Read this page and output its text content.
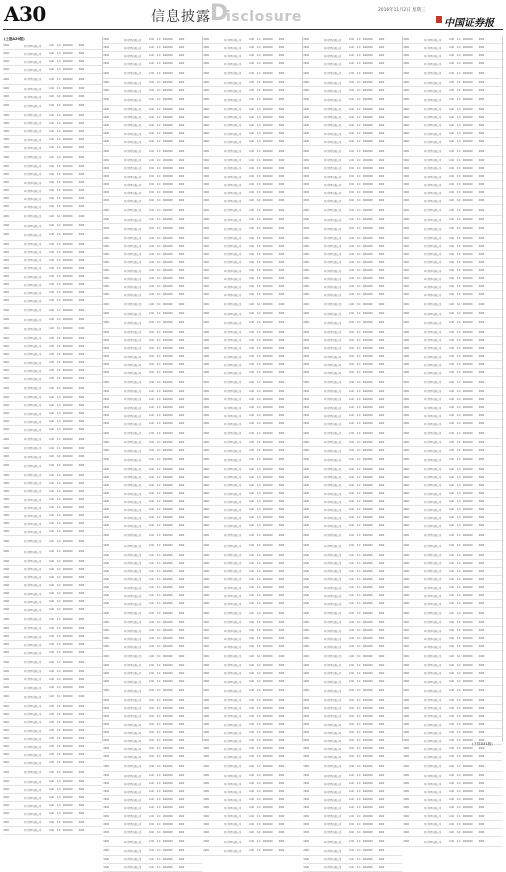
A30	信息披露 D
isclosure	2016年11月2日 星期三
中国证券报
(上接A29版)
0000	基金管理有限公司	0.00	0.0	0000000	0000
0000	基金管理有限公司	0.00	0.0	0000000	0000
0000	基金管理有限公司	0.00	0.0	0000000	0000
0000	基金管理有限公司	0.00	0.0	0000000	0000
0000	基金管理有限公司	0.00	0.0	0000000	0000
0000	基金管理有限公司	0.00	0.0	0000000	0000
0000	基金管理有限公司	0.00	0.0	0000000	0000
0000	基金管理有限公司	0.00	0.0	0000000	0000
0000	基金管理有限公司	0.00	0.0	0000000	0000
0000	基金管理有限公司	0.00	0.0	0000000	0000
0000	基金管理有限公司	0.00	0.0	0000000	0000
0000	基金管理有限公司	0.00	0.0	0000000	0000
0000	基金管理有限公司	0.00	0.0	0000000	0000
0000	基金管理有限公司	0.00	0.0	0000000	0000
0000	基金管理有限公司	0.00	0.0	0000000	0000
0000	基金管理有限公司	0.00	0.0	0000000	0000
0000	基金管理有限公司	0.00	0.0	0000000	0000
0000	基金管理有限公司	0.00	0.0	0000000	0000
0000	基金管理有限公司	0.00	0.0	0000000	0000
0000	基金管理有限公司	0.00	0.0	0000000	0000
0000	基金管理有限公司	0.00	0.0	0000000	0000
0000	基金管理有限公司	0.00	0.0	0000000	0000
0000	基金管理有限公司	0.00	0.0	0000000	0000
0000	基金管理有限公司	0.00	0.0	0000000	0000
0000	基金管理有限公司	0.00	0.0	0000000	0000
0000	基金管理有限公司	0.00	0.0	0000000	0000
0000	基金管理有限公司	0.00	0.0	0000000	0000
0000	基金管理有限公司	0.00	0.0	0000000	0000
0000	基金管理有限公司	0.00	0.0	0000000	0000
0000	基金管理有限公司	0.00	0.0	0000000	0000
0000	基金管理有限公司	0.00	0.0	0000000	0000
0000	基金管理有限公司	0.00	0.0	0000000	0000
0000	基金管理有限公司	0.00	0.0	0000000	0000
0000	基金管理有限公司	0.00	0.0	0000000	0000
0000	基金管理有限公司	0.00	0.0	0000000	0000
0000	基金管理有限公司	0.00	0.0	0000000	0000
0000	基金管理有限公司	0.00	0.0	0000000	0000
0000	基金管理有限公司	0.00	0.0	0000000	0000
0000	基金管理有限公司	0.00	0.0	0000000	0000
0000	基金管理有限公司	0.00	0.0	0000000	0000
0000	基金管理有限公司	0.00	0.0	0000000	0000
0000	基金管理有限公司	0.00	0.0	0000000	0000
0000	基金管理有限公司	0.00	0.0	0000000	0000
0000	基金管理有限公司	0.00	0.0	0000000	0000
0000	基金管理有限公司	0.00	0.0	0000000	0000
0000	基金管理有限公司	0.00	0.0	0000000	0000
0000	基金管理有限公司	0.00	0.0	0000000	0000
0000	基金管理有限公司	0.00	0.0	0000000	0000
0000	基金管理有限公司	0.00	0.0	0000000	0000
0000	基金管理有限公司	0.00	0.0	0000000	0000
0000	基金管理有限公司	0.00	0.0	0000000	0000
0000	基金管理有限公司	0.00	0.0	0000000	0000
0000	基金管理有限公司	0.00	0.0	0000000	0000
0000	基金管理有限公司	0.00	0.0	0000000	0000
0000	基金管理有限公司	0.00	0.0	0000000	0000
0000	基金管理有限公司	0.00	0.0	0000000	0000
0000	基金管理有限公司	0.00	0.0	0000000	0000
0000	基金管理有限公司	0.00	0.0	0000000	0000
0000	基金管理有限公司	0.00	0.0	0000000	0000
0000	基金管理有限公司	0.00	0.0	0000000	0000
0000	基金管理有限公司	0.00	0.0	0000000	0000
0000	基金管理有限公司	0.00	0.0	0000000	0000
0000	基金管理有限公司	0.00	0.0	0000000	0000
0000	基金管理有限公司	0.00	0.0	0000000	0000
0000	基金管理有限公司	0.00	0.0	0000000	0000
0000	基金管理有限公司	0.00	0.0	0000000	0000
0000	基金管理有限公司	0.00	0.0	0000000	0000
0000	基金管理有限公司	0.00	0.0	0000000	0000
0000	基金管理有限公司	0.00	0.0	0000000	0000
0000	基金管理有限公司	0.00	0.0	0000000	0000
0000	基金管理有限公司	0.00	0.0	0000000	0000
0000	基金管理有限公司	0.00	0.0	0000000	0000
0000	基金管理有限公司	0.00	0.0	0000000	0000
0000	基金管理有限公司	0.00	0.0	0000000	0000
0000	基金管理有限公司	0.00	0.0	0000000	0000
0000	基金管理有限公司	0.00	0.0	0000000	0000
0000	基金管理有限公司	0.00	0.0	0000000	0000
0000	基金管理有限公司	0.00	0.0	0000000	0000
0000	基金管理有限公司	0.00	0.0	0000000	0000
0000	基金管理有限公司	0.00	0.0	0000000	0000
0000	基金管理有限公司	0.00	0.0	0000000	0000
0000	基金管理有限公司	0.00	0.0	0000000	0000
0000	基金管理有限公司	0.00	0.0	0000000	0000
0000	基金管理有限公司	0.00	0.0	0000000	0000
0000	基金管理有限公司	0.00	0.0	0000000	0000
0000	基金管理有限公司	0.00	0.0	0000000	0000
0000	基金管理有限公司	0.00	0.0	0000000	0000
0000	基金管理有限公司	0.00	0.0	0000000	0000
0000	基金管理有限公司	0.00	0.0	0000000	0000
0000	基金管理有限公司	0.00	0.0	0000000	0000
0000	基金管理有限公司	0.00	0.0	0000000	0000
0000	基金管理有限公司	0.00	0.0	0000000	0000
0000	基金管理有限公司	0.00	0.0	0000000	0000
0000	基金管理有限公司	0.00	0.0	0000000	0000
0000	基金管理有限公司	0.00	0.0	0000000	0000
0000	基金管理有限公司	0.00	0.0	0000000	0000
0000	基金管理有限公司	0.00	0.0	0000000	0000
0000	基金管理有限公司	0.00	0.0	0000000	0000
0000	基金管理有限公司	0.00	0.0	0000000	0000
0000	基金管理有限公司	0.00	0.0	0000000	0000
0000	基金管理有限公司	0.00	0.0	0000000	0000
0000	基金管理有限公司	0.00	0.0	0000000	0000
0000	基金管理有限公司	0.00	0.0	0000000	0000
0000	基金管理有限公司	0.00	0.0	0000000	0000
0000	基金管理有限公司	0.00	0.0	0000000	0000
0000	基金管理有限公司	0.00	0.0	0000000	0000
0000	基金管理有限公司	0.00	0.0	0000000	0000
0000	基金管理有限公司	0.00	0.0	0000000	0000
0000	基金管理有限公司	0.00	0.0	0000000	0000
0000	基金管理有限公司	0.00	0.0	0000000	0000
0000	基金管理有限公司	0.00	0.0	0000000	0000
0000	基金管理有限公司	0.00	0.0	0000000	0000
0000	基金管理有限公司	0.00	0.0	0000000	0000
0000	基金管理有限公司	0.00	0.0	0000000	0000
0000	基金管理有限公司	0.00	0.0	0000000	0000
0000	基金管理有限公司	0.00	0.0	0000000	0000
0000	基金管理有限公司	0.00	0.0	0000000	0000
0000	基金管理有限公司	0.00	0.0	0000000	0000
0000	基金管理有限公司	0.00	0.0	0000000	0000
0000	基金管理有限公司	0.00	0.0	0000000	0000
0000	基金管理有限公司	0.00	0.0	0000000	0000
0000	基金管理有限公司	0.00	0.0	0000000	0000
0000	基金管理有限公司	0.00	0.0	0000000	0000
0000	基金管理有限公司	0.00	0.0	0000000	0000
0000	基金管理有限公司	0.00	0.0	0000000	0000
0000	基金管理有限公司	0.00	0.0	0000000	0000
0000	基金管理有限公司	0.00	0.0	0000000	0000
0000	基金管理有限公司	0.00	0.0	0000000	0000
0000	基金管理有限公司	0.00	0.0	0000000	0000
0000	基金管理有限公司	0.00	0.0	0000000	0000
0000	基金管理有限公司	0.00	0.0	0000000	0000
0000	基金管理有限公司	0.00	0.0	0000000	0000
0000	基金管理有限公司	0.00	0.0	0000000	0000
0000	基金管理有限公司	0.00	0.0	0000000	0000
0000	基金管理有限公司	0.00	0.0	0000000	0000
0000	基金管理有限公司	0.00	0.0	0000000	0000
0000	基金管理有限公司	0.00	0.0	0000000	0000
0000	基金管理有限公司	0.00	0.0	0000000	0000
0000	基金管理有限公司	0.00	0.0	0000000	0000
0000	基金管理有限公司	0.00	0.0	0000000	0000
0000	基金管理有限公司	0.00	0.0	0000000	0000
0000	基金管理有限公司	0.00	0.0	0000000	0000
0000	基金管理有限公司	0.00	0.0	0000000	0000
0000	基金管理有限公司	0.00	0.0	0000000	0000
0000	基金管理有限公司	0.00	0.0	0000000	0000
0000	基金管理有限公司	0.00	0.0	0000000	0000
0000	基金管理有限公司	0.00	0.0	0000000	0000
0000	基金管理有限公司	0.00	0.0	0000000	0000
0000	基金管理有限公司	0.00	0.0	0000000	0000
0000	基金管理有限公司	0.00	0.0	0000000	0000
0000	基金管理有限公司	0.00	0.0	0000000	0000
0000	基金管理有限公司	0.00	0.0	0000000	0000
0000	基金管理有限公司	0.00	0.0	0000000	0000
0000	基金管理有限公司	0.00	0.0	0000000	0000
0000	基金管理有限公司	0.00	0.0	0000000	0000
0000	基金管理有限公司	0.00	0.0	0000000	0000
0000	基金管理有限公司	0.00	0.0	0000000	0000
0000	基金管理有限公司	0.00	0.0	0000000	0000
0000	基金管理有限公司	0.00	0.0	0000000	0000
0000	基金管理有限公司	0.00	0.0	0000000	0000
0000	基金管理有限公司	0.00	0.0	0000000	0000
0000	基金管理有限公司	0.00	0.0	0000000	0000
0000	基金管理有限公司	0.00	0.0	0000000	0000
0000	基金管理有限公司	0.00	0.0	0000000	0000
0000	基金管理有限公司	0.00	0.0	0000000	0000
0000	基金管理有限公司	0.00	0.0	0000000	0000
0000	基金管理有限公司	0.00	0.0	0000000	0000
0000	基金管理有限公司	0.00	0.0	0000000	0000
0000	基金管理有限公司	0.00	0.0	0000000	0000
0000	基金管理有限公司	0.00	0.0	0000000	0000
0000	基金管理有限公司	0.00	0.0	0000000	0000
0000	基金管理有限公司	0.00	0.0	0000000	0000
0000	基金管理有限公司	0.00	0.0	0000000	0000
0000	基金管理有限公司	0.00	0.0	0000000	0000
0000	基金管理有限公司	0.00	0.0	0000000	0000
0000	基金管理有限公司	0.00	0.0	0000000	0000
0000	基金管理有限公司	0.00	0.0	0000000	0000
0000	基金管理有限公司	0.00	0.0	0000000	0000
0000	基金管理有限公司	0.00	0.0	0000000	0000
0000	基金管理有限公司	0.00	0.0	0000000	0000
0000	基金管理有限公司	0.00	0.0	0000000	0000
0000	基金管理有限公司	0.00	0.0	0000000	0000
0000	基金管理有限公司	0.00	0.0	0000000	0000
0000	基金管理有限公司	0.00	0.0	0000000	0000
0000	基金管理有限公司	0.00	0.0	0000000	0000
0000	基金管理有限公司	0.00	0.0	0000000	0000
0000	基金管理有限公司	0.00	0.0	0000000	0000
0000	基金管理有限公司	0.00	0.0	0000000	0000
0000	基金管理有限公司	0.00	0.0	0000000	0000
0000	基金管理有限公司	0.00	0.0	0000000	0000
0000	基金管理有限公司	0.00	0.0	0000000	0000
0000	基金管理有限公司	0.00	0.0	0000000	0000
0000	基金管理有限公司	0.00	0.0	0000000	0000
0000	基金管理有限公司	0.00	0.0	0000000	0000
0000	基金管理有限公司	0.00	0.0	0000000	0000
0000	基金管理有限公司	0.00	0.0	0000000	0000
0000	基金管理有限公司	0.00	0.0	0000000	0000
0000	基金管理有限公司	0.00	0.0	0000000	0000
0000	基金管理有限公司	0.00	0.0	0000000	0000
0000	基金管理有限公司	0.00	0.0	0000000	0000
0000	基金管理有限公司	0.00	0.0	0000000	0000
0000	基金管理有限公司	0.00	0.0	0000000	0000
0000	基金管理有限公司	0.00	0.0	0000000	0000
0000	基金管理有限公司	0.00	0.0	0000000	0000
0000	基金管理有限公司	0.00	0.0	0000000	0000
0000	基金管理有限公司	0.00	0.0	0000000	0000
0000	基金管理有限公司	0.00	0.0	0000000	0000
0000	基金管理有限公司	0.00	0.0	0000000	0000
0000	基金管理有限公司	0.00	0.0	0000000	0000
0000	基金管理有限公司	0.00	0.0	0000000	0000
0000	基金管理有限公司	0.00	0.0	0000000	0000
0000	基金管理有限公司	0.00	0.0	0000000	0000
0000	基金管理有限公司	0.00	0.0	0000000	0000
0000	基金管理有限公司	0.00	0.0	0000000	0000
0000	基金管理有限公司	0.00	0.0	0000000	0000
0000	基金管理有限公司	0.00	0.0	0000000	0000
0000	基金管理有限公司	0.00	0.0	0000000	0000
0000	基金管理有限公司	0.00	0.0	0000000	0000
0000	基金管理有限公司	0.00	0.0	0000000	0000
0000	基金管理有限公司	0.00	0.0	0000000	0000
0000	基金管理有限公司	0.00	0.0	0000000	0000
0000	基金管理有限公司	0.00	0.0	0000000	0000
0000	基金管理有限公司	0.00	0.0	0000000	0000
0000	基金管理有限公司	0.00	0.0	0000000	0000
0000	基金管理有限公司	0.00	0.0	0000000	0000
0000	基金管理有限公司	0.00	0.0	0000000	0000
0000	基金管理有限公司	0.00	0.0	0000000	0000
0000	基金管理有限公司	0.00	0.0	0000000	0000
0000	基金管理有限公司	0.00	0.0	0000000	0000
0000	基金管理有限公司	0.00	0.0	0000000	0000
0000	基金管理有限公司	0.00	0.0	0000000	0000
0000	基金管理有限公司	0.00	0.0	0000000	0000
0000	基金管理有限公司	0.00	0.0	0000000	0000
0000	基金管理有限公司	0.00	0.0	0000000	0000
0000	基金管理有限公司	0.00	0.0	0000000	0000
0000	基金管理有限公司	0.00	0.0	0000000	0000
0000	基金管理有限公司	0.00	0.0	0000000	0000
0000	基金管理有限公司	0.00	0.0	0000000	0000
0000	基金管理有限公司	0.00	0.0	0000000	0000
0000	基金管理有限公司	0.00	0.0	0000000	0000
0000	基金管理有限公司	0.00	0.0	0000000	0000
0000	基金管理有限公司	0.00	0.0	0000000	0000
0000	基金管理有限公司	0.00	0.0	0000000	0000
0000	基金管理有限公司	0.00	0.0	0000000	0000
0000	基金管理有限公司	0.00	0.0	0000000	0000
0000	基金管理有限公司	0.00	0.0	0000000	0000
0000	基金管理有限公司	0.00	0.0	0000000	0000
0000	基金管理有限公司	0.00	0.0	0000000	0000
0000	基金管理有限公司	0.00	0.0	0000000	0000
0000	基金管理有限公司	0.00	0.0	0000000	0000
0000	基金管理有限公司	0.00	0.0	0000000	0000
0000	基金管理有限公司	0.00	0.0	0000000	0000
0000	基金管理有限公司	0.00	0.0	0000000	0000
0000	基金管理有限公司	0.00	0.0	0000000	0000
0000	基金管理有限公司	0.00	0.0	0000000	0000
0000	基金管理有限公司	0.00	0.0	0000000	0000
0000	基金管理有限公司	0.00	0.0	0000000	0000
0000	基金管理有限公司	0.00	0.0	0000000	0000
0000	基金管理有限公司	0.00	0.0	0000000	0000
0000	基金管理有限公司	0.00	0.0	0000000	0000
0000	基金管理有限公司	0.00	0.0	0000000	0000
0000	基金管理有限公司	0.00	0.0	0000000	0000
0000	基金管理有限公司	0.00	0.0	0000000	0000
0000	基金管理有限公司	0.00	0.0	0000000	0000
0000	基金管理有限公司	0.00	0.0	0000000	0000
0000	基金管理有限公司	0.00	0.0	0000000	0000
0000	基金管理有限公司	0.00	0.0	0000000	0000
0000	基金管理有限公司	0.00	0.0	0000000	0000
0000	基金管理有限公司	0.00	0.0	0000000	0000
0000	基金管理有限公司	0.00	0.0	0000000	0000
0000	基金管理有限公司	0.00	0.0	0000000	0000
0000	基金管理有限公司	0.00	0.0	0000000	0000
0000	基金管理有限公司	0.00	0.0	0000000	0000
0000	基金管理有限公司	0.00	0.0	0000000	0000
0000	基金管理有限公司	0.00	0.0	0000000	0000
0000	基金管理有限公司	0.00	0.0	0000000	0000
0000	基金管理有限公司	0.00	0.0	0000000	0000
0000	基金管理有限公司	0.00	0.0	0000000	0000
0000	基金管理有限公司	0.00	0.0	0000000	0000
0000	基金管理有限公司	0.00	0.0	0000000	0000
0000	基金管理有限公司	0.00	0.0	0000000	0000
0000	基金管理有限公司	0.00	0.0	0000000	0000
0000	基金管理有限公司	0.00	0.0	0000000	0000
0000	基金管理有限公司	0.00	0.0	0000000	0000
0000	基金管理有限公司	0.00	0.0	0000000	0000
0000	基金管理有限公司	0.00	0.0	0000000	0000
0000	基金管理有限公司	0.00	0.0	0000000	0000
0000	基金管理有限公司	0.00	0.0	0000000	0000
0000	基金管理有限公司	0.00	0.0	0000000	0000
0000	基金管理有限公司	0.00	0.0	0000000	0000
0000	基金管理有限公司	0.00	0.0	0000000	0000
0000	基金管理有限公司	0.00	0.0	0000000	0000
0000	基金管理有限公司	0.00	0.0	0000000	0000
0000	基金管理有限公司	0.00	0.0	0000000	0000
0000	基金管理有限公司	0.00	0.0	0000000	0000
0000	基金管理有限公司	0.00	0.0	0000000	0000
0000	基金管理有限公司	0.00	0.0	0000000	0000
0000	基金管理有限公司	0.00	0.0	0000000	0000
0000	基金管理有限公司	0.00	0.0	0000000	0000
0000	基金管理有限公司	0.00	0.0	0000000	0000
0000	基金管理有限公司	0.00	0.0	0000000	0000
0000	基金管理有限公司	0.00	0.0	0000000	0000
0000	基金管理有限公司	0.00	0.0	0000000	0000
0000	基金管理有限公司	0.00	0.0	0000000	0000
0000	基金管理有限公司	0.00	0.0	0000000	0000
0000	基金管理有限公司	0.00	0.0	0000000	0000
0000	基金管理有限公司	0.00	0.0	0000000	0000
0000	基金管理有限公司	0.00	0.0	0000000	0000
0000	基金管理有限公司	0.00	0.0	0000000	0000
0000	基金管理有限公司	0.00	0.0	0000000	0000
0000	基金管理有限公司	0.00	0.0	0000000	0000
0000	基金管理有限公司	0.00	0.0	0000000	0000
0000	基金管理有限公司	0.00	0.0	0000000	0000
0000	基金管理有限公司	0.00	0.0	0000000	0000
0000	基金管理有限公司	0.00	0.0	0000000	0000
0000	基金管理有限公司	0.00	0.0	0000000	0000
0000	基金管理有限公司	0.00	0.0	0000000	0000
0000	基金管理有限公司	0.00	0.0	0000000	0000
0000	基金管理有限公司	0.00	0.0	0000000	0000
0000	基金管理有限公司	0.00	0.0	0000000	0000
0000	基金管理有限公司	0.00	0.0	0000000	0000
0000	基金管理有限公司	0.00	0.0	0000000	0000
0000	基金管理有限公司	0.00	0.0	0000000	0000
0000	基金管理有限公司	0.00	0.0	0000000	0000
0000	基金管理有限公司	0.00	0.0	0000000	0000
0000	基金管理有限公司	0.00	0.0	0000000	0000
0000	基金管理有限公司	0.00	0.0	0000000	0000
0000	基金管理有限公司	0.00	0.0	0000000	0000
0000	基金管理有限公司	0.00	0.0	0000000	0000
0000	基金管理有限公司	0.00	0.0	0000000	0000
0000	基金管理有限公司	0.00	0.0	0000000	0000
0000	基金管理有限公司	0.00	0.0	0000000	0000
0000	基金管理有限公司	0.00	0.0	0000000	0000
0000	基金管理有限公司	0.00	0.0	0000000	0000
0000	基金管理有限公司	0.00	0.0	0000000	0000
0000	基金管理有限公司	0.00	0.0	0000000	0000
0000	基金管理有限公司	0.00	0.0	0000000	0000
0000	基金管理有限公司	0.00	0.0	0000000	0000
0000	基金管理有限公司	0.00	0.0	0000000	0000
0000	基金管理有限公司	0.00	0.0	0000000	0000
0000	基金管理有限公司	0.00	0.0	0000000	0000
0000	基金管理有限公司	0.00	0.0	0000000	0000
0000	基金管理有限公司	0.00	0.0	0000000	0000
0000	基金管理有限公司	0.00	0.0	0000000	0000
0000	基金管理有限公司	0.00	0.0	0000000	0000
0000	基金管理有限公司	0.00	0.0	0000000	0000
0000	基金管理有限公司	0.00	0.0	0000000	0000
0000	基金管理有限公司	0.00	0.0	0000000	0000
0000	基金管理有限公司	0.00	0.0	0000000	0000
0000	基金管理有限公司	0.00	0.0	0000000	0000
0000	基金管理有限公司	0.00	0.0	0000000	0000
0000	基金管理有限公司	0.00	0.0	0000000	0000
0000	基金管理有限公司	0.00	0.0	0000000	0000
0000	基金管理有限公司	0.00	0.0	0000000	0000
0000	基金管理有限公司	0.00	0.0	0000000	0000
0000	基金管理有限公司	0.00	0.0	0000000	0000
0000	基金管理有限公司	0.00	0.0	0000000	0000
0000	基金管理有限公司	0.00	0.0	0000000	0000
0000	基金管理有限公司	0.00	0.0	0000000	0000
0000	基金管理有限公司	0.00	0.0	0000000	0000
0000	基金管理有限公司	0.00	0.0	0000000	0000
0000	基金管理有限公司	0.00	0.0	0000000	0000
0000	基金管理有限公司	0.00	0.0	0000000	0000
0000	基金管理有限公司	0.00	0.0	0000000	0000
0000	基金管理有限公司	0.00	0.0	0000000	0000
0000	基金管理有限公司	0.00	0.0	0000000	0000
0000	基金管理有限公司	0.00	0.0	0000000	0000
0000	基金管理有限公司	0.00	0.0	0000000	0000
0000	基金管理有限公司	0.00	0.0	0000000	0000
0000	基金管理有限公司	0.00	0.0	0000000	0000
0000	基金管理有限公司	0.00	0.0	0000000	0000
0000	基金管理有限公司	0.00	0.0	0000000	0000
0000	基金管理有限公司	0.00	0.0	0000000	0000
0000	基金管理有限公司	0.00	0.0	0000000	0000
0000	基金管理有限公司	0.00	0.0	0000000	0000
0000	基金管理有限公司	0.00	0.0	0000000	0000
0000	基金管理有限公司	0.00	0.0	0000000	0000
0000	基金管理有限公司	0.00	0.0	0000000	0000
0000	基金管理有限公司	0.00	0.0	0000000	0000
0000	基金管理有限公司	0.00	0.0	0000000	0000
0000	基金管理有限公司	0.00	0.0	0000000	0000
0000	基金管理有限公司	0.00	0.0	0000000	0000
0000	基金管理有限公司	0.00	0.0	0000000	0000
0000	基金管理有限公司	0.00	0.0	0000000	0000
0000	基金管理有限公司	0.00	0.0	0000000	0000
0000	基金管理有限公司	0.00	0.0	0000000	0000
0000	基金管理有限公司	0.00	0.0	0000000	0000
0000	基金管理有限公司	0.00	0.0	0000000	0000
0000	基金管理有限公司	0.00	0.0	0000000	0000
0000	基金管理有限公司	0.00	0.0	0000000	0000
0000	基金管理有限公司	0.00	0.0	0000000	0000
0000	基金管理有限公司	0.00	0.0	0000000	0000
0000	基金管理有限公司	0.00	0.0	0000000	0000
0000	基金管理有限公司	0.00	0.0	0000000	0000
0000	基金管理有限公司	0.00	0.0	0000000	0000
0000	基金管理有限公司	0.00	0.0	0000000	0000
0000	基金管理有限公司	0.00	0.0	0000000	0000
0000	基金管理有限公司	0.00	0.0	0000000	0000
0000	基金管理有限公司	0.00	0.0	0000000	0000
0000	基金管理有限公司	0.00	0.0	0000000	0000
0000	基金管理有限公司	0.00	0.0	0000000	0000
0000	基金管理有限公司	0.00	0.0	0000000	0000
0000	基金管理有限公司	0.00	0.0	0000000	0000
0000	基金管理有限公司	0.00	0.0	0000000	0000
0000	基金管理有限公司	0.00	0.0	0000000	0000
0000	基金管理有限公司	0.00	0.0	0000000	0000
0000	基金管理有限公司	0.00	0.0	0000000	0000
0000	基金管理有限公司	0.00	0.0	0000000	0000
0000	基金管理有限公司	0.00	0.0	0000000	0000
0000	基金管理有限公司	0.00	0.0	0000000	0000
0000	基金管理有限公司	0.00	0.0	0000000	0000
0000	基金管理有限公司	0.00	0.0	0000000	0000
0000	基金管理有限公司	0.00	0.0	0000000	0000
0000	基金管理有限公司	0.00	0.0	0000000	0000
0000	基金管理有限公司	0.00	0.0	0000000	0000
0000	基金管理有限公司	0.00	0.0	0000000	0000
0000	基金管理有限公司	0.00	0.0	0000000	0000
0000	基金管理有限公司	0.00	0.0	0000000	0000
0000	基金管理有限公司	0.00	0.0	0000000	0000
0000	基金管理有限公司	0.00	0.0	0000000	0000
0000	基金管理有限公司	0.00	0.0	0000000	0000
0000	基金管理有限公司	0.00	0.0	0000000	0000
0000	基金管理有限公司	0.00	0.0	0000000	0000
0000	基金管理有限公司	0.00	0.0	0000000	0000
0000	基金管理有限公司	0.00	0.0	0000000	0000
0000	基金管理有限公司	0.00	0.0	0000000	0000
0000	基金管理有限公司	0.00	0.0	0000000	0000
0000	基金管理有限公司	0.00	0.0	0000000	0000
0000	基金管理有限公司	0.00	0.0	0000000	0000
0000	基金管理有限公司	0.00	0.0	0000000	0000
0000	基金管理有限公司	0.00	0.0	0000000	0000
0000	基金管理有限公司	0.00	0.0	0000000	0000
0000	基金管理有限公司	0.00	0.0	0000000	0000
0000	基金管理有限公司	0.00	0.0	0000000	0000
0000	基金管理有限公司	0.00	0.0	0000000	0000
0000	基金管理有限公司	0.00	0.0	0000000	0000
0000	基金管理有限公司	0.00	0.0	0000000	0000
0000	基金管理有限公司	0.00	0.0	0000000	0000
0000	基金管理有限公司	0.00	0.0	0000000	0000
0000	基金管理有限公司	0.00	0.0	0000000	0000
0000	基金管理有限公司	0.00	0.0	0000000	0000
0000	基金管理有限公司	0.00	0.0	0000000	0000
0000	基金管理有限公司	0.00	0.0	0000000	0000
0000	基金管理有限公司	0.00	0.0	0000000	0000
0000	基金管理有限公司	0.00	0.0	0000000	0000
0000	基金管理有限公司	0.00	0.0	0000000	0000
0000	基金管理有限公司	0.00	0.0	0000000	0000
0000	基金管理有限公司	0.00	0.0	0000000	0000
0000	基金管理有限公司	0.00	0.0	0000000	0000
0000	基金管理有限公司	0.00	0.0	0000000	0000
0000	基金管理有限公司	0.00	0.0	0000000	0000
0000	基金管理有限公司	0.00	0.0	0000000	0000
0000	基金管理有限公司	0.00	0.0	0000000	0000
0000	基金管理有限公司	0.00	0.0	0000000	0000
0000	基金管理有限公司	0.00	0.0	0000000	0000
0000	基金管理有限公司	0.00	0.0	0000000	0000
0000	基金管理有限公司	0.00	0.0	0000000	0000
0000	基金管理有限公司	0.00	0.0	0000000	0000
0000	基金管理有限公司	0.00	0.0	0000000	0000
0000	基金管理有限公司	0.00	0.0	0000000	0000
0000	基金管理有限公司	0.00	0.0	0000000	0000
0000	基金管理有限公司	0.00	0.0	0000000	0000
0000	基金管理有限公司	0.00	0.0	0000000	0000
0000	基金管理有限公司	0.00	0.0	0000000	0000
0000	基金管理有限公司	0.00	0.0	0000000	0000
0000	基金管理有限公司	0.00	0.0	0000000	0000
0000	基金管理有限公司	0.00	0.0	0000000	0000
0000	基金管理有限公司	0.00	0.0	0000000	0000
0000	基金管理有限公司	0.00	0.0	0000000	0000
0000	基金管理有限公司	0.00	0.0	0000000	0000
0000	基金管理有限公司	0.00	0.0	0000000	0000
0000	基金管理有限公司	0.00	0.0	0000000	0000
0000	基金管理有限公司	0.00	0.0	0000000	0000
0000	基金管理有限公司	0.00	0.0	0000000	0000
0000	基金管理有限公司	0.00	0.0	0000000	0000
0000	基金管理有限公司	0.00	0.0	0000000	0000
0000	基金管理有限公司	0.00	0.0	0000000	0000
0000	基金管理有限公司	0.00	0.0	0000000	0000
0000	基金管理有限公司	0.00	0.0	0000000	0000
0000	基金管理有限公司	0.00	0.0	0000000	0000
(下转A31版)
